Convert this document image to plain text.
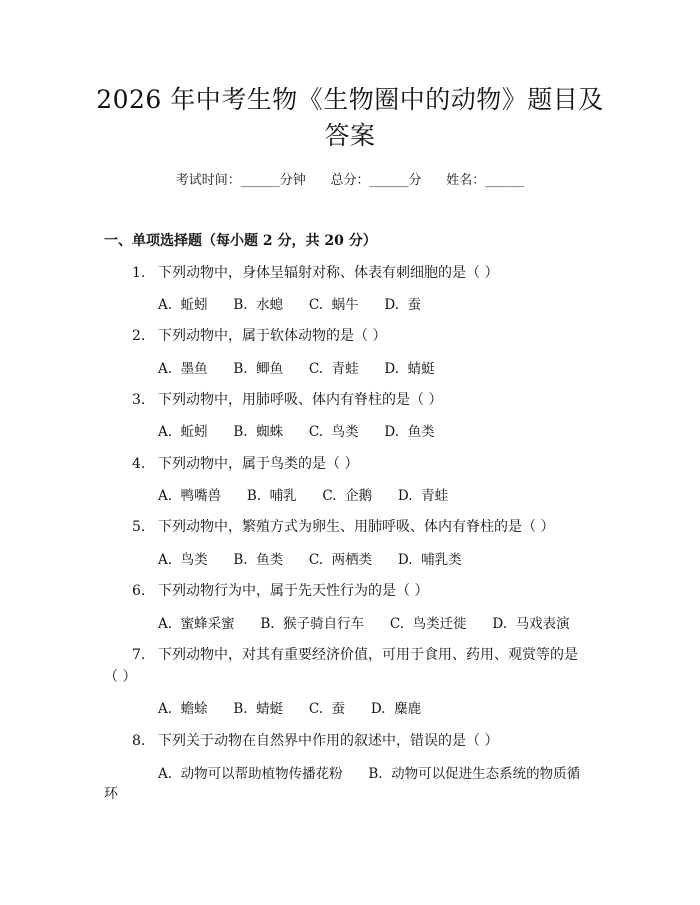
2026 年中考生物《生物圈中的动物》题目及
答案
考试时间：______分钟      总分：______分      姓名：______
一、单项选择题（每小题 2 分，共 20 分）
1. 下列动物中，身体呈辐射对称、体表有刺细胞的是（ ）
A.  蚯蚓      B.  水螅      C.  蜗牛      D.  蚕
2. 下列动物中，属于软体动物的是（ ）
A.  墨鱼      B.  鲫鱼      C.  青蛙      D.  蜻蜓
3. 下列动物中，用肺呼吸、体内有脊柱的是（ ）
A.  蚯蚓      B.  蜘蛛      C.  鸟类      D.  鱼类
4. 下列动物中，属于鸟类的是（ ）
A.  鸭嘴兽      B.  哺乳      C.  企鹅      D.  青蛙
5. 下列动物中，繁殖方式为卵生、用肺呼吸、体内有脊柱的是（ ）
A.  鸟类      B.  鱼类      C.  两栖类      D.  哺乳类
6. 下列动物行为中，属于先天性行为的是（ ）
A.  蜜蜂采蜜      B.  猴子骑自行车      C.  鸟类迁徙      D.  马戏表演
7. 下列动物中，对其有重要经济价值，可用于食用、药用、观赏等的是
（ ）
A.  蟾蜍      B.  蜻蜓      C.  蚕      D.  麋鹿
8. 下列关于动物在自然界中作用的叙述中，错误的是（ ）
A.  动物可以帮助植物传播花粉      B.  动物可以促进生态系统的物质循
环
